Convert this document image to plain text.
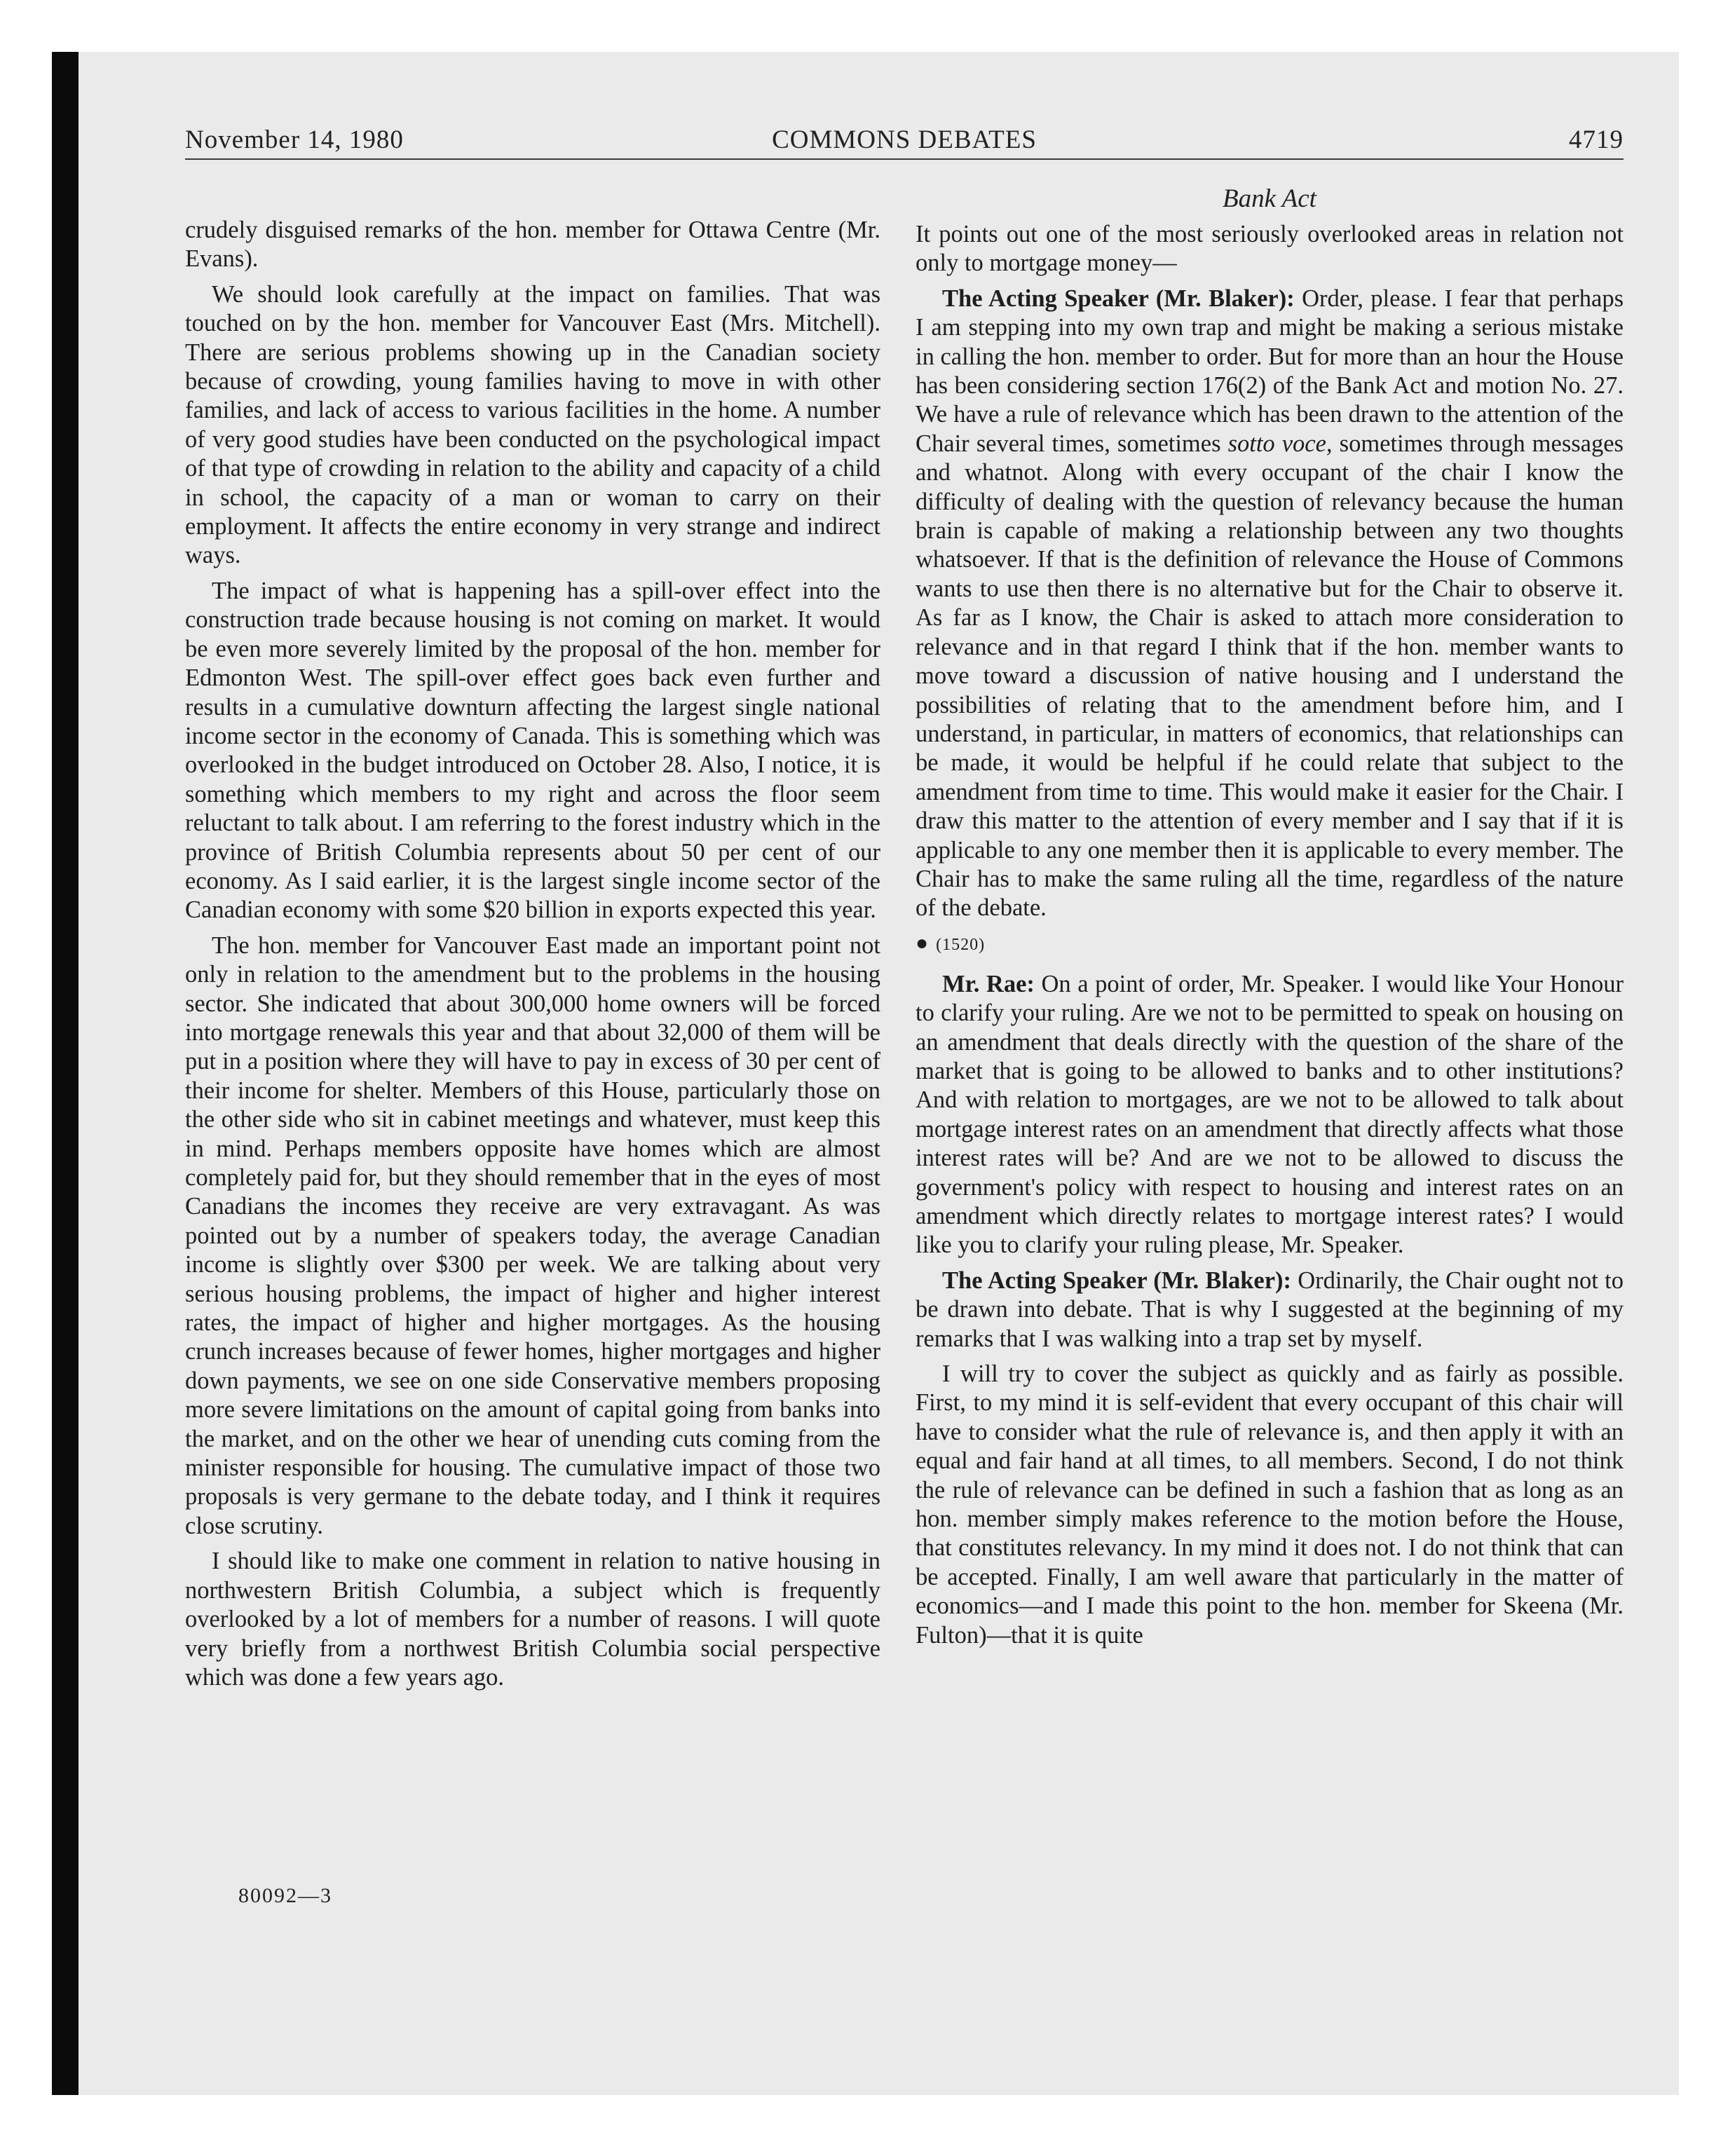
November 14, 1980	COMMONS DEBATES	4719
Bank Act

crudely disguised remarks of the hon. member for Ottawa Centre (Mr. Evans).

We should look carefully at the impact on families. That was touched on by the hon. member for Vancouver East (Mrs. Mitchell). There are serious problems showing up in the Canadian society because of crowding, young families having to move in with other families, and lack of access to various facilities in the home. A number of very good studies have been conducted on the psychological impact of that type of crowding in relation to the ability and capacity of a child in school, the capacity of a man or woman to carry on their employment. It affects the entire economy in very strange and indirect ways.

The impact of what is happening has a spill-over effect into the construction trade because housing is not coming on market. It would be even more severely limited by the proposal of the hon. member for Edmonton West. The spill-over effect goes back even further and results in a cumulative downturn affecting the largest single national income sector in the economy of Canada. This is something which was overlooked in the budget introduced on October 28. Also, I notice, it is something which members to my right and across the floor seem reluctant to talk about. I am referring to the forest industry which in the province of British Columbia represents about 50 per cent of our economy. As I said earlier, it is the largest single income sector of the Canadian economy with some $20 billion in exports expected this year.

The hon. member for Vancouver East made an important point not only in relation to the amendment but to the problems in the housing sector. She indicated that about 300,000 home owners will be forced into mortgage renewals this year and that about 32,000 of them will be put in a position where they will have to pay in excess of 30 per cent of their income for shelter. Members of this House, particularly those on the other side who sit in cabinet meetings and whatever, must keep this in mind. Perhaps members opposite have homes which are almost completely paid for, but they should remember that in the eyes of most Canadians the incomes they receive are very extravagant. As was pointed out by a number of speakers today, the average Canadian income is slightly over $300 per week. We are talking about very serious housing problems, the impact of higher and higher interest rates, the impact of higher and higher mortgages. As the housing crunch increases because of fewer homes, higher mortgages and higher down payments, we see on one side Conservative members proposing more severe limitations on the amount of capital going from banks into the market, and on the other we hear of unending cuts coming from the minister responsible for housing. The cumulative impact of those two proposals is very germane to the debate today, and I think it requires close scrutiny.

I should like to make one comment in relation to native housing in northwestern British Columbia, a subject which is frequently overlooked by a lot of members for a number of reasons. I will quote very briefly from a northwest British Columbia social perspective which was done a few years ago.

It points out one of the most seriously overlooked areas in relation not only to mortgage money—

The Acting Speaker (Mr. Blaker): Order, please. I fear that perhaps I am stepping into my own trap and might be making a serious mistake in calling the hon. member to order. But for more than an hour the House has been considering section 176(2) of the Bank Act and motion No. 27. We have a rule of relevance which has been drawn to the attention of the Chair several times, sometimes sotto voce, sometimes through messages and whatnot. Along with every occupant of the chair I know the difficulty of dealing with the question of relevancy because the human brain is capable of making a relationship between any two thoughts whatsoever. If that is the definition of relevance the House of Commons wants to use then there is no alternative but for the Chair to observe it. As far as I know, the Chair is asked to attach more consideration to relevance and in that regard I think that if the hon. member wants to move toward a discussion of native housing and I understand the possibilities of relating that to the amendment before him, and I understand, in particular, in matters of economics, that relationships can be made, it would be helpful if he could relate that subject to the amendment from time to time. This would make it easier for the Chair. I draw this matter to the attention of every member and I say that if it is applicable to any one member then it is applicable to every member. The Chair has to make the same ruling all the time, regardless of the nature of the debate.

● (1520)

Mr. Rae: On a point of order, Mr. Speaker. I would like Your Honour to clarify your ruling. Are we not to be permitted to speak on housing on an amendment that deals directly with the question of the share of the market that is going to be allowed to banks and to other institutions? And with relation to mortgages, are we not to be allowed to talk about mortgage interest rates on an amendment that directly affects what those interest rates will be? And are we not to be allowed to discuss the government's policy with respect to housing and interest rates on an amendment which directly relates to mortgage interest rates? I would like you to clarify your ruling please, Mr. Speaker.

The Acting Speaker (Mr. Blaker): Ordinarily, the Chair ought not to be drawn into debate. That is why I suggested at the beginning of my remarks that I was walking into a trap set by myself.

I will try to cover the subject as quickly and as fairly as possible. First, to my mind it is self-evident that every occupant of this chair will have to consider what the rule of relevance is, and then apply it with an equal and fair hand at all times, to all members. Second, I do not think the rule of relevance can be defined in such a fashion that as long as an hon. member simply makes reference to the motion before the House, that constitutes relevancy. In my mind it does not. I do not think that can be accepted. Finally, I am well aware that particularly in the matter of economics—and I made this point to the hon. member for Skeena (Mr. Fulton)—that it is quite

80092—3
